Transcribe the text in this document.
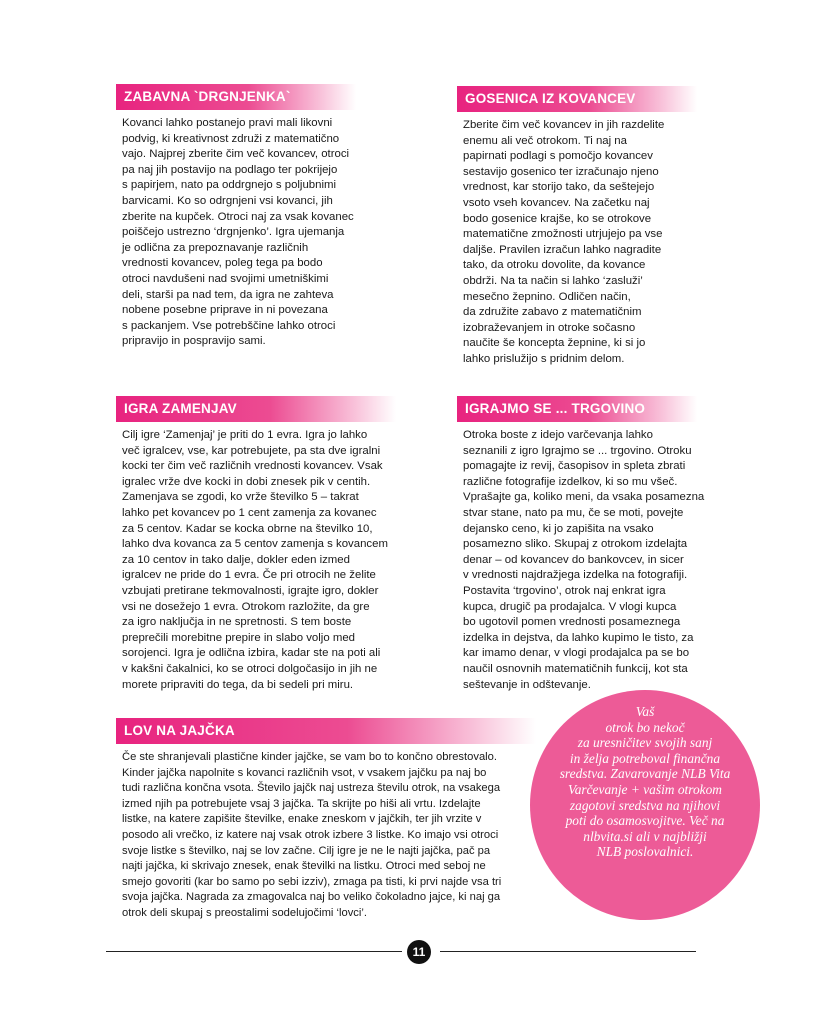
ZABAVNA `DRGNJENKA`
Kovanci lahko postanejo pravi mali likovni
podvig, ki kreativnost združi z matematično
vajo. Najprej zberite čim več kovancev, otroci
pa naj jih postavijo na podlago ter pokrijejo
s papirjem, nato pa oddrgnejo s poljubnimi
barvicami. Ko so odrgnjeni vsi kovanci, jih
zberite na kupček. Otroci naj za vsak kovanec
poiščejo ustrezno ‘drgnjenko’. Igra ujemanja
je odlična za prepoznavanje različnih
vrednosti kovancev, poleg tega pa bodo
otroci navdušeni nad svojimi umetniškimi
deli, starši pa nad tem, da igra ne zahteva
nobene posebne priprave in ni povezana
s packanjem. Vse potrebščine lahko otroci
pripravijo in pospravijo sami.
GOSENICA IZ KOVANCEV
Zberite čim več kovancev in jih razdelite
enemu ali več otrokom. Ti naj na
papirnati podlagi s pomočjo kovancev
sestavijo gosenico ter izračunajo njeno
vrednost, kar storijo tako, da seštejejo
vsoto vseh kovancev. Na začetku naj
bodo gosenice krajše, ko se otrokove
matematične zmožnosti utrjujejo pa vse
daljše. Pravilen izračun lahko nagradite
tako, da otroku dovolite, da kovance
obdrži. Na ta način si lahko ‘zasluži’
mesečno žepnino. Odličen način,
da združite zabavo z matematičnim
izobraževanjem in otroke sočasno
naučite še koncepta žepnine, ki si jo
lahko prislužijo s pridnim delom.
IGRA ZAMENJAV
Cilj igre ‘Zamenjaj’ je priti do 1 evra. Igra jo lahko
več igralcev, vse, kar potrebujete, pa sta dve igralni
kocki ter čim več različnih vrednosti kovancev. Vsak
igralec vrže dve kocki in dobi znesek pik v centih.
Zamenjava se zgodi, ko vrže številko 5 – takrat
lahko pet kovancev po 1 cent zamenja za kovanec
za 5 centov. Kadar se kocka obrne na številko 10,
lahko dva kovanca za 5 centov zamenja s kovancem
za 10 centov in tako dalje, dokler eden izmed
igralcev ne pride do 1 evra. Če pri otrocih ne želite
vzbujati pretirane tekmovalnosti, igrajte igro, dokler
vsi ne dosežejo 1 evra. Otrokom razložite, da gre
za igro naključja in ne spretnosti. S tem boste
preprečili morebitne prepire in slabo voljo med
sorojenci. Igra je odlična izbira, kadar ste na poti ali
v kakšni čakalnici, ko se otroci dolgočasijo in jih ne
morete pripraviti do tega, da bi sedeli pri miru.
IGRAJMO SE ... TRGOVINO
Otroka boste z idejo varčevanja lahko
seznanili z igro Igrajmo se ... trgovino. Otroku
pomagajte iz revij, časopisov in spleta zbrati
različne fotografije izdelkov, ki so mu všeč.
Vprašajte ga, koliko meni, da vsaka posamezna
stvar stane, nato pa mu, če se moti, povejte
dejansko ceno, ki jo zapišita na vsako
posamezno sliko. Skupaj z otrokom izdelajta
denar – od kovancev do bankovcev, in sicer
v vrednosti najdražjega izdelka na fotografiji.
Postavita ‘trgovino’, otrok naj enkrat igra
kupca, drugič pa prodajalca. V vlogi kupca
bo ugotovil pomen vrednosti posameznega
izdelka in dejstva, da lahko kupimo le tisto, za
kar imamo denar, v vlogi prodajalca pa se bo
naučil osnovnih matematičnih funkcij, kot sta
seštevanje in odštevanje.
LOV NA JAJČKA
Če ste shranjevali plastične kinder jajčke, se vam bo to končno obrestovalo.
Kinder jajčka napolnite s kovanci različnih vsot, v vsakem jajčku pa naj bo
tudi različna končna vsota. Število jajčk naj ustreza številu otrok, na vsakega
izmed njih pa potrebujete vsaj 3 jajčka. Ta skrijte po hiši ali vrtu. Izdelajte
listke, na katere zapišite številke, enake zneskom v jajčkih, ter jih vrzite v
posodo ali vrečko, iz katere naj vsak otrok izbere 3 listke. Ko imajo vsi otroci
svoje listke s številko, naj se lov začne. Cilj igre je ne le najti jajčka, pač pa
najti jajčka, ki skrivajo znesek, enak številki na listku. Otroci med seboj ne
smejo govoriti (kar bo samo po sebi izziv), zmaga pa tisti, ki prvi najde vsa tri
svoja jajčka. Nagrada za zmagovalca naj bo veliko čokoladno jajce, ki naj ga
otrok deli skupaj s preostalimi sodelujočimi ‘lovci’.
Vaš
otrok bo nekoč
za uresničitev svojih sanj
in želja potreboval finančna
sredstva. Zavarovanje NLB Vita
Varčevanje + vašim otrokom
zagotovi sredstva na njihovi
poti do osamosvojitve. Več na
nlbvita.si ali v najbližji
NLB poslovalnici.
11
